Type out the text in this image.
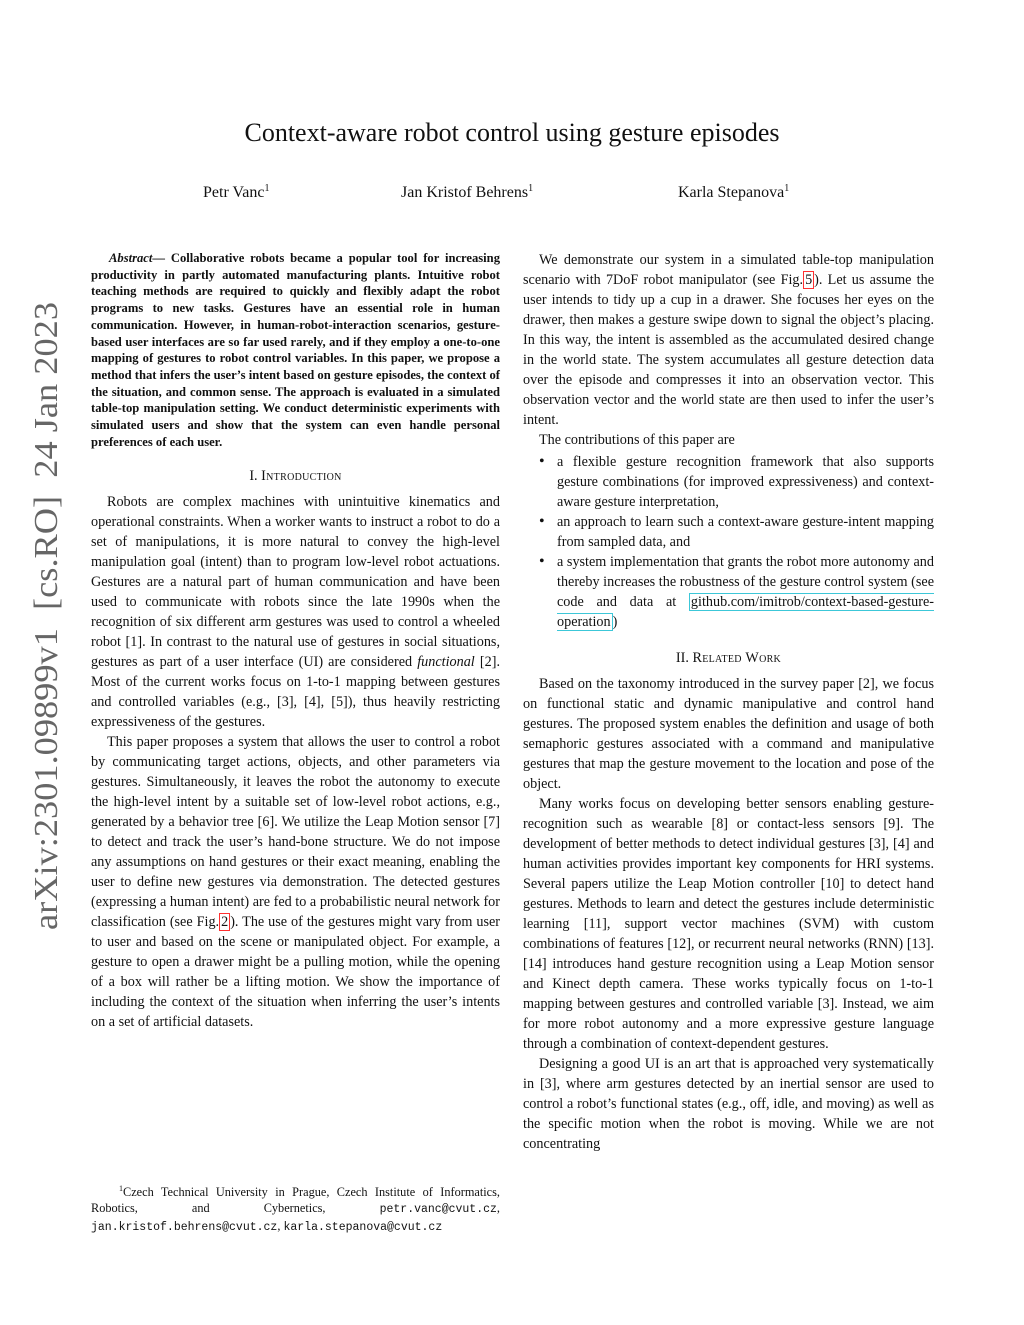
Context-aware robot control using gesture episodes
Petr Vanc$^1$	Jan Kristof Behrens$^1$	Karla Stepanova$^1$
arXiv:2301.09899v1  [cs.RO]  24 Jan 2023

Abstract— Collaborative robots became a popular tool for increasing productivity in partly automated manufacturing plants. Intuitive robot teaching methods are required to quickly and flexibly adapt the robot programs to new tasks. Gestures have an essential role in human communication. However, in human-robot-interaction scenarios, gesture-based user interfaces are so far used rarely, and if they employ a one-to-one mapping of gestures to robot control variables. In this paper, we propose a method that infers the user’s intent based on gesture episodes, the context of the situation, and common sense. The approach is evaluated in a simulated table-top manipulation setting. We conduct deterministic experiments with simulated users and show that the system can even handle personal preferences of each user.

I. Introduction

Robots are complex machines with unintuitive kinematics and operational constraints. When a worker wants to instruct a robot to do a set of manipulations, it is more natural to convey the high-level manipulation goal (intent) than to program low-level robot actuations. Gestures are a natural part of human communication and have been used to communicate with robots since the late 1990s when the recognition of six different arm gestures was used to control a wheeled robot [1]. In contrast to the natural use of gestures in social situations, gestures as part of a user interface (UI) are considered functional [2]. Most of the current works focus on 1-to-1 mapping between gestures and controlled variables (e.g., [3], [4], [5]), thus heavily restricting expressiveness of the gestures.

This paper proposes a system that allows the user to control a robot by communicating target actions, objects, and other parameters via gestures. Simultaneously, it leaves the robot the autonomy to execute the high-level intent by a suitable set of low-level robot actions, e.g., generated by a behavior tree [6]. We utilize the Leap Motion sensor [7] to detect and track the user’s hand-bone structure. We do not impose any assumptions on hand gestures or their exact meaning, enabling the user to define new gestures via demonstration. The detected gestures (expressing a human intent) are fed to a probabilistic neural network for classification (see Fig. 2 ). The use of the gestures might vary from user to user and based on the scene or manipulated object. For example, a gesture to open a drawer might be a pulling motion, while the opening of a box will rather be a lifting motion. We show the importance of including the context of the situation when inferring the user’s intents on a set of artificial datasets.

$^1$Czech Technical University in Prague, Czech Institute of Informatics, Robotics, and Cybernetics, petr.vanc@cvut.cz, jan.kristof.behrens@cvut.cz, karla.stepanova@cvut.cz

We demonstrate our system in a simulated table-top manipulation scenario with 7DoF robot manipulator (see Fig. 5 ). Let us assume the user intends to tidy up a cup in a drawer. She focuses her eyes on the drawer, then makes a gesture swipe down to signal the object’s placing. In this way, the intent is assembled as the accumulated desired change in the world state. The system accumulates all gesture detection data over the episode and compresses it into an observation vector. This observation vector and the world state are then used to infer the user’s intent.

The contributions of this paper are

• a flexible gesture recognition framework that also supports gesture combinations (for improved expressiveness) and context-aware gesture interpretation,
• an approach to learn such a context-aware gesture-intent mapping from sampled data, and
• a system implementation that grants the robot more autonomy and thereby increases the robustness of the gesture control system (see code and data at github.com/imitrob/context-based-gesture-operation )
II. Related Work

Based on the taxonomy introduced in the survey paper [2], we focus on functional static and dynamic manipulative and control hand gestures. The proposed system enables the definition and usage of both semaphoric gestures associated with a command and manipulative gestures that map the gesture movement to the location and pose of the object.

Many works focus on developing better sensors enabling gesture-recognition such as wearable [8] or contact-less sensors [9]. The development of better methods to detect individual gestures [3], [4] and human activities provides important key components for HRI systems. Several papers utilize the Leap Motion controller [10] to detect hand gestures. Methods to learn and detect the gestures include deterministic learning [11], support vector machines (SVM) with custom combinations of features [12], or recurrent neural networks (RNN) [13]. [14] introduces hand gesture recognition using a Leap Motion sensor and Kinect depth camera. These works typically focus on 1-to-1 mapping between gestures and controlled variable [3]. Instead, we aim for more robot autonomy and a more expressive gesture language through a combination of context-dependent gestures.

Designing a good UI is an art that is approached very systematically in [3], where arm gestures detected by an inertial sensor are used to control a robot’s functional states (e.g., off, idle, and moving) as well as the specific motion when the robot is moving. While we are not concentrating
